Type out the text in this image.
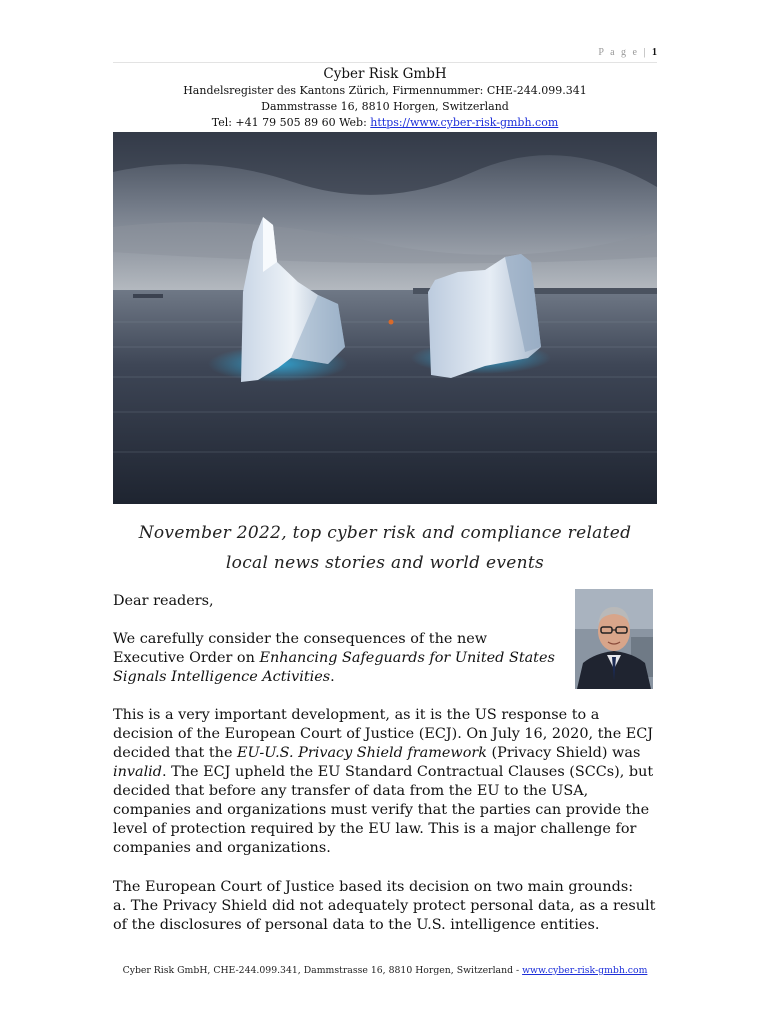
P a g e | 1
Cyber Risk GmbH
Handelsregister des Kantons Zürich, Firmennummer: CHE-244.099.341
Dammstrasse 16, 8810 Horgen, Switzerland
Tel: +41 79 505 89 60 Web: https://www.cyber-risk-gmbh.com
November 2022, top cyber risk and compliance related
local news stories and world events
Dear readers,
We carefully consider the consequences of the new Executive Order on Enhancing Safeguards for United States Signals Intelligence Activities.
This is a very important development, as it is the US response to a decision of the European Court of Justice (ECJ). On July 16, 2020, the ECJ decided that the EU-U.S. Privacy Shield framework (Privacy Shield) was invalid. The ECJ upheld the EU Standard Contractual Clauses (SCCs), but decided that before any transfer of data from the EU to the USA, companies and organizations must verify that the parties can provide the level of protection required by the EU law. This is a major challenge for companies and organizations.
The European Court of Justice based its decision on two main grounds:
a. The Privacy Shield did not adequately protect personal data, as a result of the disclosures of personal data to the U.S. intelligence entities.
Cyber Risk GmbH, CHE-244.099.341, Dammstrasse 16, 8810 Horgen, Switzerland - www.cyber-risk-gmbh.com
